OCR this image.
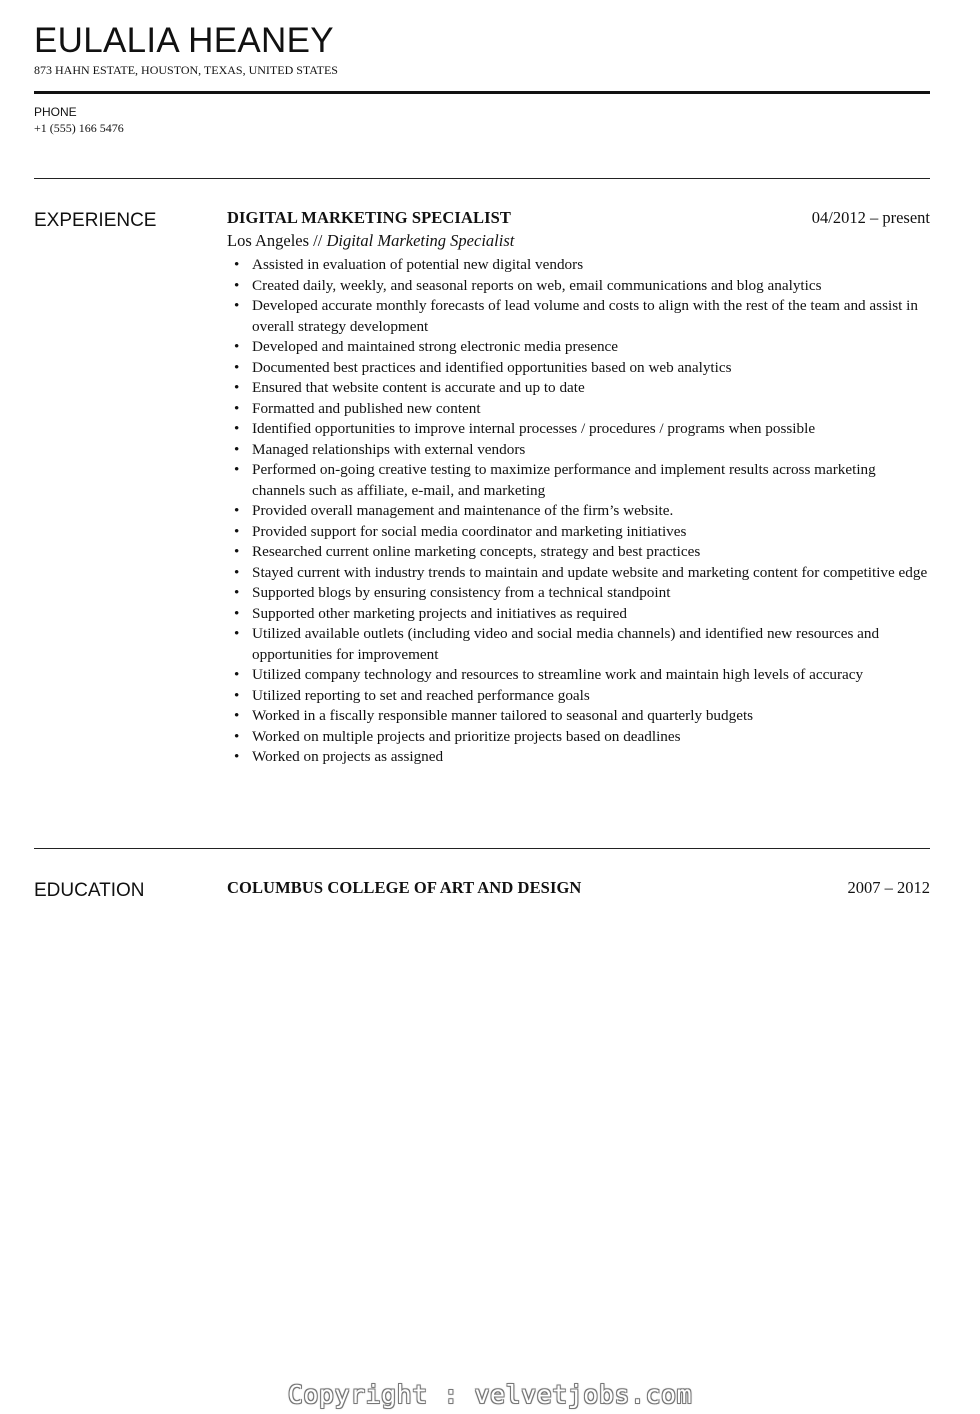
EULALIA HEANEY
873 HAHN ESTATE, HOUSTON, TEXAS, UNITED STATES
PHONE
+1 (555) 166 5476
EXPERIENCE	DIGITAL MARKETING SPECIALIST	04/2012 – present
Los Angeles // Digital Marketing Specialist
• Assisted in evaluation of potential new digital vendors
• Created daily, weekly, and seasonal reports on web, email communications and blog analytics
• Developed accurate monthly forecasts of lead volume and costs to align with the rest of the team and assist in overall strategy development
• Developed and maintained strong electronic media presence
• Documented best practices and identified opportunities based on web analytics
• Ensured that website content is accurate and up to date
• Formatted and published new content
• Identified opportunities to improve internal processes / procedures / programs when possible
• Managed relationships with external vendors
• Performed on-going creative testing to maximize performance and implement results across marketing channels such as affiliate, e-mail, and marketing
• Provided overall management and maintenance of the firm’s website.
• Provided support for social media coordinator and marketing initiatives
• Researched current online marketing concepts, strategy and best practices
• Stayed current with industry trends to maintain and update website and marketing content for competitive edge
• Supported blogs by ensuring consistency from a technical standpoint
• Supported other marketing projects and initiatives as required
• Utilized available outlets (including video and social media channels) and identified new resources and opportunities for improvement
• Utilized company technology and resources to streamline work and maintain high levels of accuracy
• Utilized reporting to set and reached performance goals
• Worked in a fiscally responsible manner tailored to seasonal and quarterly budgets
• Worked on multiple projects and prioritize projects based on deadlines
• Worked on projects as assigned
EDUCATION	COLUMBUS COLLEGE OF ART AND DESIGN	2007 – 2012
Copyright : velvetjobs.com
